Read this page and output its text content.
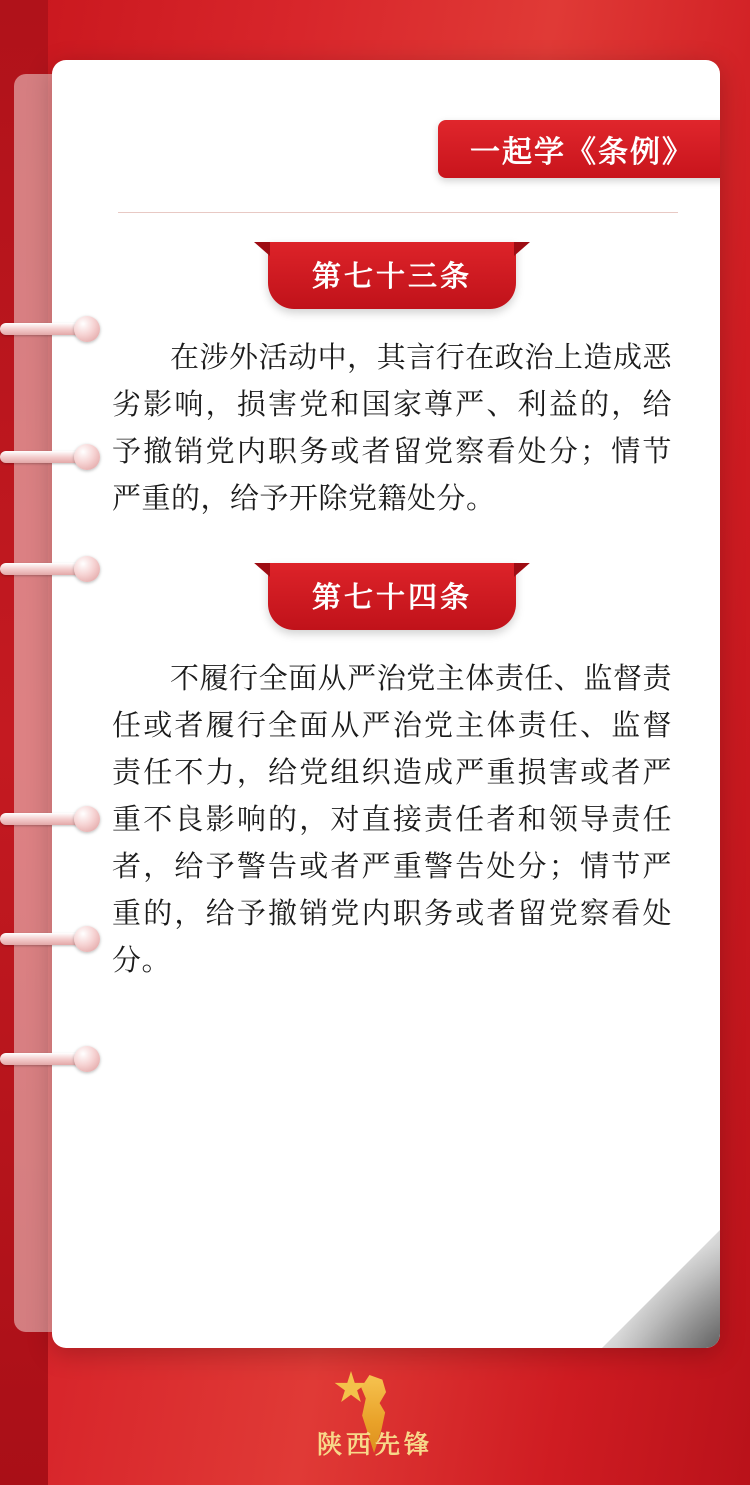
一起学《条例》
第七十三条

在涉外活动中，其言行在政治上造成恶劣影响，损害党和国家尊严、利益的，给予撤销党内职务或者留党察看处分；情节严重的，给予开除党籍处分。

第七十四条

不履行全面从严治党主体责任、监督责任或者履行全面从严治党主体责任、监督责任不力，给党组织造成严重损害或者严重不良影响的，对直接责任者和领导责任者，给予警告或者严重警告处分；情节严重的，给予撤销党内职务或者留党察看处分。

陕西先锋
